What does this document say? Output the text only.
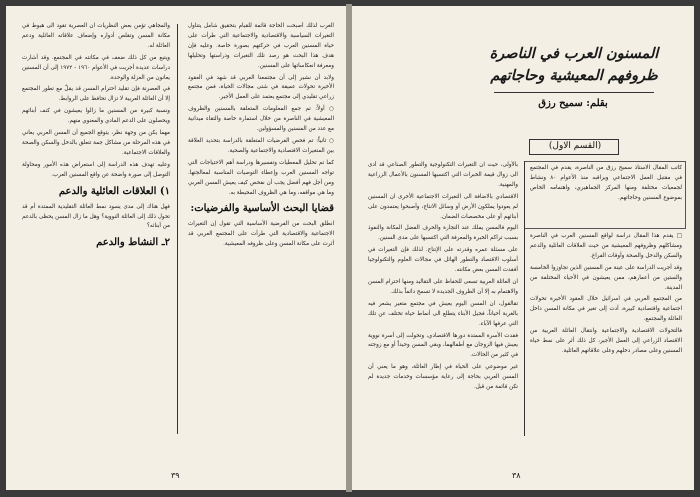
الغرب لذلك أصبحت الحاجة قائمة للقيام بتحقيق شامل يتناول التغيرات السياسية والاقتصادية والاجتماعية التي طرأت على حياة المسنين العرب في حركتهم بصورة خاصة. وعليه فإن هدف هذا البحث هو رصد تلك التغيرات ودراستها وتحليلها ومعرفة انعكاساتها على المسنين.

ولابد أن نشير إلى أن مجتمعنا العربي قد شهد في العقود الأخيرة تحولات عميقة في شتى مجالات الحياة، فمن مجتمع زراعي تقليدي إلى مجتمع يعتمد على العمل الأجير.

○ أولاً: تم جمع المعلومات المتعلقة بالمسنين والظروف المعيشية في الناصرة من خلال استمارة خاصة والتقاء ميدانية مع عدد من المسنين والمسؤولين.

○ ثانياً: تم فحص الفرضيات المتعلقة بالدراسة بتحديد العلاقة بين المتغيرات الاقتصادية والاجتماعية والصحية.

كما تم تحليل المعطيات وتفسيرها ودراسة أهم الاحتياجات التي تواجه المسنين العرب وإعطاء التوصيات المناسبة لمعالجتها. ومن أجل فهم أفضل يجب أن نفحص كيف يعيش المسن العربي وما هي مواقفه، وما هي الظروف المحيطة به.

قضايا البحث الأساسية والفرضيات:

انطلق البحث من الفرضية الأساسية التي تقول إن التغيرات الاجتماعية والاقتصادية التي طرأت على المجتمع العربي قد أثرت على مكانة المسن وعلى ظروفه المعيشية.

والمجاهي تؤمن بعض النظريات ان العصرية تقود الى هبوط في مكانة المسن وتقلص أدواره وإضعاف علاقاته العائلية ودعم العائلة له.

ويتبع من كل ذلك ضعف في مكانته في المجتمع. وقد أشارت دراسات عديدة أجريت في الأعوام ١٩٦٠ - ١٩٧٢ إلى أن المسنين يعانون من العزلة والوحدة.

في العصرنة فإن تقليد احترام المسن قد يقلّ مع تطور المجتمع إلا أن العائلة العربية لا تزال تحافظ على الروابط.

ونسبة كبيرة من المسنين ما زالوا يعيشون في كنف أبنائهم ويحصلون على الدعم المادي والمعنوي منهم.

مهما يكن من وجهة نظر، يتوقع الجميع أن المسن العربي يعاني في هذه المرحلة من مشاكل جمة تتعلق بالدخل والسكن والصحة والعلاقات الاجتماعية.

وعليه تهدف هذه الدراسة إلى استعراض هذه الأمور ومحاولة التوصل إلى صورة واضحة عن واقع المسنين العرب.

١) العلاقات العائلية والدعم

فهل هناك إلى مدى يسود نمط العائلة التقليدية الممتدة أم قد تحول ذلك إلى العائلة النووية؟ وهل ما زال المسن يحظى بالدعم من أبنائه؟

٢ـ النشاط والدعم

٣٩
المسنون العرب في الناصرة
ظروفهم المعيشية وحاجاتهم
بقلم: سميح رزق
(القسم الاول)
كاتب المقال الاستاذ سميح رزق من الناصرة، يقدم في المجتمع في مقتبل العمل الاجتماعي ويراقبه منذ الأعوام ٨٠ ونشاط لجمعيات مختلفة ومنها المركز الجماهيري، واهتمامه الخاص بموضوع المسنين وحاجاتهم.

□ يقدم هذا المقال دراسة لواقع المسنين العرب في الناصرة ومشاكلهم وظروفهم المعيشية من حيث العلاقات العائلية والدعم والسكن والدخل والصحة وأوقات الفراغ.

وقد أجريت الدراسة على عينة من المسنين الذين تجاوزوا الخامسة والستين من أعمارهم، ممن يعيشون في الأحياء المختلفة من المدينة.

من المجتمع العربي في اسرائيل خلال العقود الأخيرة تحولات اجتماعية واقتصادية كبيرة، أدت إلى تغير في مكانة المسن داخل العائلة والمجتمع.

فالتحولات الاقتصادية والاجتماعية وانتقال العائلة العربية من الاقتصاد الزراعي إلى العمل الأجير، كل ذلك أثر على نمط حياة المسنين وعلى مصادر دخلهم وعلى علاقاتهم العائلية.

بالأولى، حيث ان التغيرات التكنولوجية والتطور الصناعي قد أدى الى زوال قيمة الخبرات التي اكتسبها المسنون بالأعمال الزراعية والمهنية.

الاقتصادي بالاضافة الى التغيرات الاجتماعية الأخرى ان المسنين لم يعودوا يملكون الأرض أو وسائل الانتاج، وأصبحوا يعتمدون على أبنائهم أو على مخصصات الضمان.

اليوم فالمسن يملك عند التجارة والحرف الفضل المكانة والنفوذ بسبب تراكم الخبرة والمعرفة التي اكتسبها على مدى السنين.

على مسئلة عمره وقدرته على الإنتاج. لذلك فإن التغيرات في أسلوب الاقتصاد والتطور الهائل في مجالات العلوم والتكنولوجيا أفقدت المسن بعض مكانته.

ان العائلة العربية تسعى للحفاظ على التقاليد ومنها احترام المسن والاهتمام به إلا أن الظروف الجديدة لا تسمح دائماً بذلك.

تقالقول، ان المسن اليوم يعيش في مجتمع متغير يشعر فيه بالغربة أحياناً، فجيل الأبناء يتطلع الى أنماط حياة تختلف عن تلك التي عرفها الآباء.

فقدت الأسرة الممتدة دورها الاقتصادي، وتحولت إلى أسرة نووية يعيش فيها الزوجان مع أطفالهما، وبقي المسن وحيداً أو مع زوجته في كثير من الحالات.

غير موضوعي على الحياة في إطار العائلة، وهو ما يعني أن المسن العربي بحاجة إلى رعاية مؤسسات وخدمات جديدة لم تكن قائمة من قبل.

٣٨
